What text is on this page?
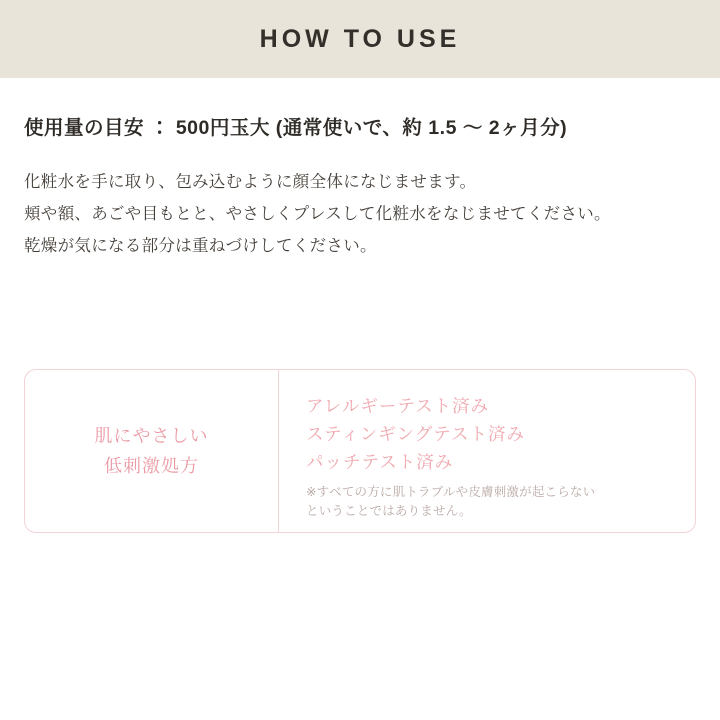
HOW TO USE
使用量の目安 ： 500円玉大 (通常使いで、約 1.5 〜 2ヶ月分)
化粧水を手に取り、包み込むように顔全体になじませます。
頬や額、あごや目もとと、やさしくプレスして化粧水をなじませてください。
乾燥が気になる部分は重ねづけしてください。
肌にやさしい
低刺激処方
アレルギーテスト済み
スティンギングテスト済み
パッチテスト済み
※すべての方に肌トラブルや皮膚刺激が起こらない
ということではありません。
